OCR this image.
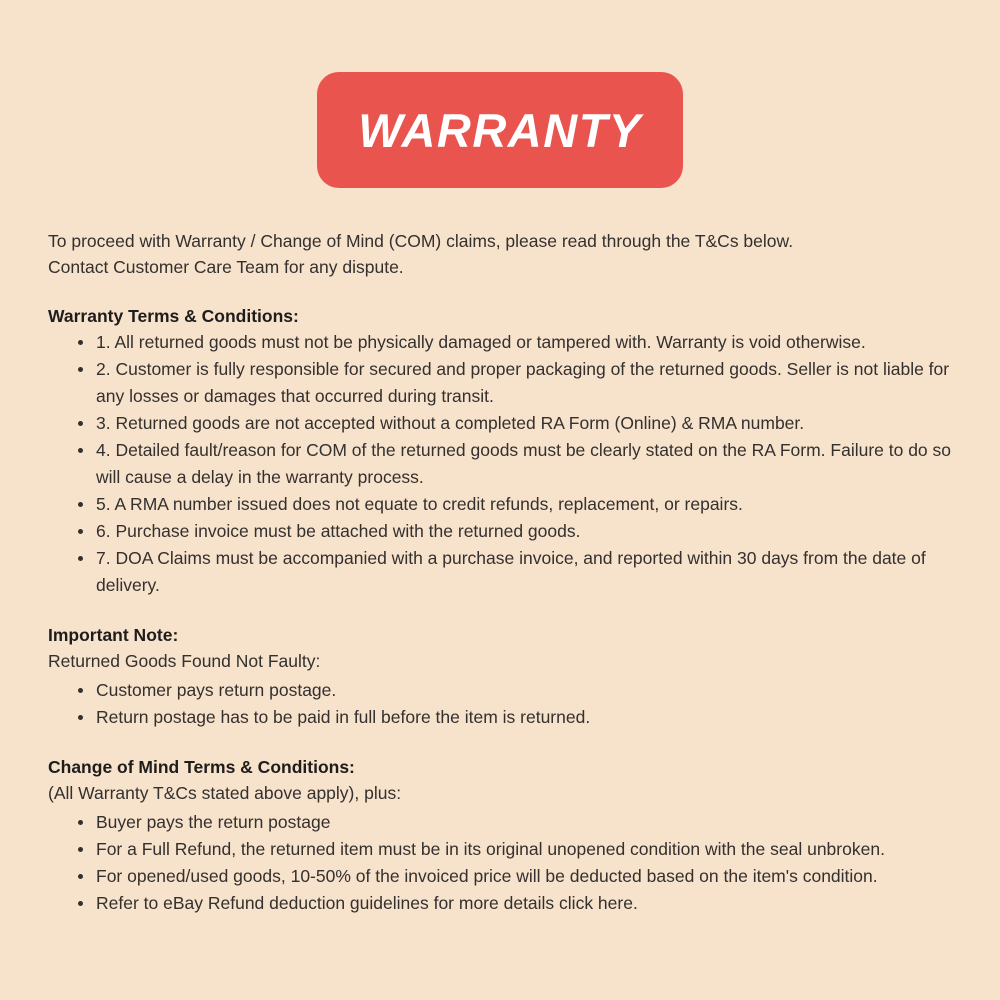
WARRANTY

To proceed with Warranty / Change of Mind (COM) claims, please read through the T&Cs below.

Contact Customer Care Team for any dispute.

Warranty Terms & Conditions:

1. All returned goods must not be physically damaged or tampered with. Warranty is void otherwise.
2. Customer is fully responsible for secured and proper packaging of the returned goods. Seller is not liable for any losses or damages that occurred during transit.
3. Returned goods are not accepted without a completed RA Form (Online) & RMA number.
4. Detailed fault/reason for COM of the returned goods must be clearly stated on the RA Form. Failure to do so will cause a delay in the warranty process.
5. A RMA number issued does not equate to credit refunds, replacement, or repairs.
6. Purchase invoice must be attached with the returned goods.
7. DOA Claims must be accompanied with a purchase invoice, and reported within 30 days from the date of delivery.

Important Note:

Returned Goods Found Not Faulty:

Customer pays return postage.
Return postage has to be paid in full before the item is returned.

Change of Mind Terms & Conditions:

(All Warranty T&Cs stated above apply), plus:

Buyer pays the return postage
For a Full Refund, the returned item must be in its original unopened condition with the seal unbroken.
For opened/used goods, 10-50% of the invoiced price will be deducted based on the item's condition.
Refer to eBay Refund deduction guidelines for more details click here.
